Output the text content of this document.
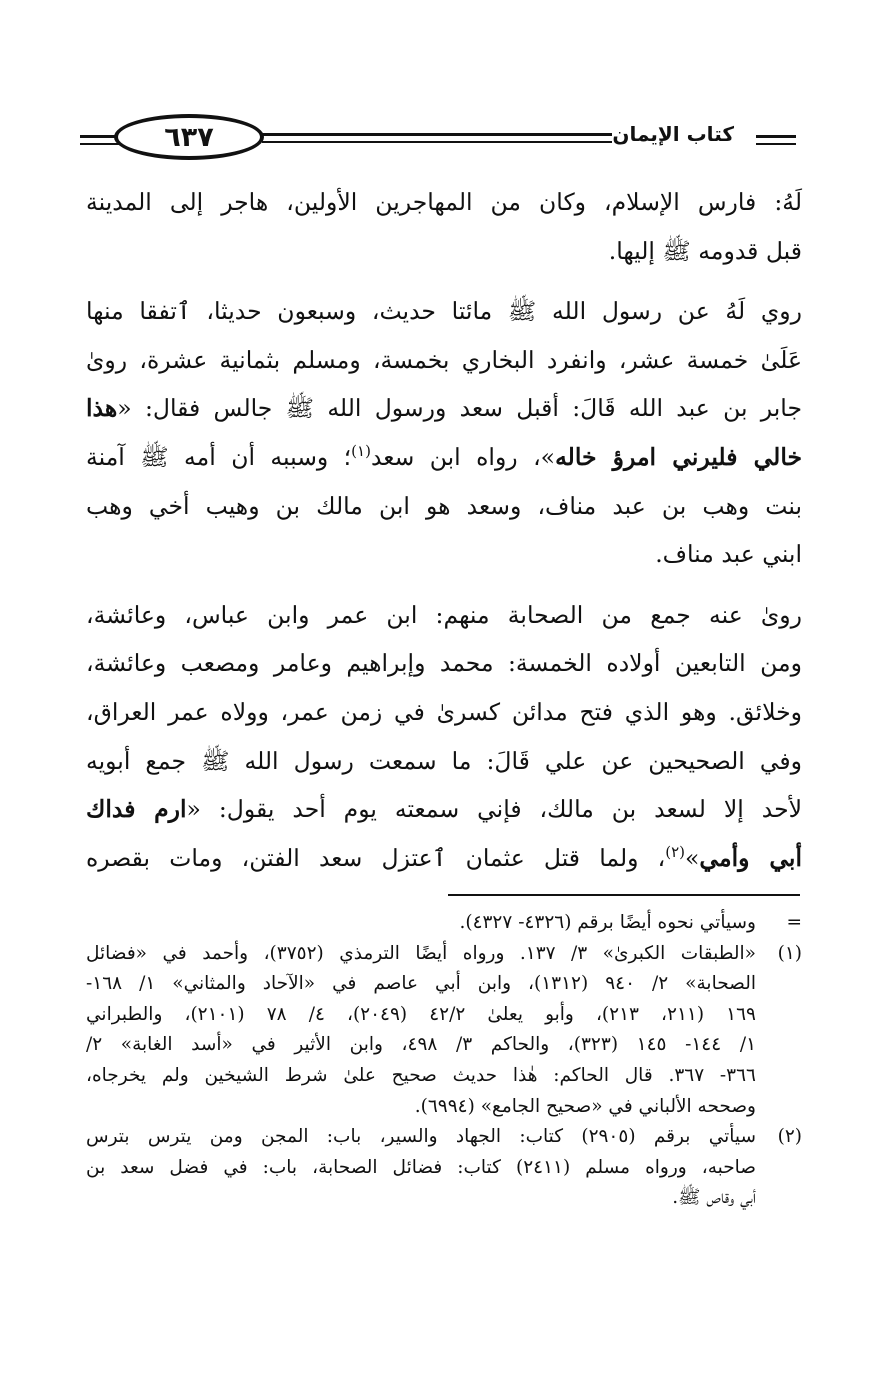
٦٣٧	كتاب الإيمان
لَهُ: فارس الإسلام، وكان من المهاجرين الأولين، هاجر إلى المدينة
قبل قدومه ﷺ إليها.
روي لَهُ عن رسول الله ﷺ مائتا حديث، وسبعون حديثا، ٱتفقا منها
عَلَىٰ خمسة عشر، وانفرد البخاري بخمسة، ومسلم بثمانية عشرة، روىٰ
جابر بن عبد الله قَالَ: أقبل سعد ورسول الله ﷺ جالس فقال: «هذا
خالي فليرني امرؤ خاله»، رواه ابن سعد$^{(١)}$؛ وسببه أن أمه ﷺ آمنة
بنت وهب بن عبد مناف، وسعد هو ابن مالك بن وهيب أخي وهب
ابني عبد مناف.
روىٰ عنه جمع من الصحابة منهم: ابن عمر وابن عباس، وعائشة،
ومن التابعين أولاده الخمسة: محمد وإبراهيم وعامر ومصعب وعائشة،
وخلائق. وهو الذي فتح مدائن كسرىٰ في زمن عمر، وولاه عمر العراق،
وفي الصحيحين عن علي قَالَ: ما سمعت رسول الله ﷺ جمع أبويه
لأحد إلا لسعد بن مالك، فإني سمعته يوم أحد يقول: «ارم فداك
أبي وأمي»$^{(٢)}$، ولما قتل عثمان ٱعتزل سعد الفتن، ومات بقصره
=
وسيأتي نحوه أيضًا برقم (٤٣٢٦- ٤٣٢٧).
(١)
«الطبقات الكبرىٰ» ٣/ ١٣٧. ورواه أيضًا الترمذي (٣٧٥٢)، وأحمد في «فضائل
الصحابة» ٢/ ٩٤٠ (١٣١٢)، وابن أبي عاصم في «الآحاد والمثاني» ١/ ١٦٨-
١٦٩ (٢١١، ٢١٣)، وأبو يعلىٰ ٤٢/٢ (٢٠٤٩)، ٤/ ٧٨ (٢١٠١)، والطبراني
١/ ١٤٤- ١٤٥ (٣٢٣)، والحاكم ٣/ ٤٩٨، وابن الأثير في «أسد الغابة» ٢/
٣٦٦- ٣٦٧. قال الحاكم: هٰذا حديث صحيح علىٰ شرط الشيخين ولم يخرجاه،
وصححه الألباني في «صحيح الجامع» (٦٩٩٤).
(٢)
سيأتي برقم (٢٩٠٥) كتاب: الجهاد والسير، باب: المجن ومن يترس بترس
صاحبه، ورواه مسلم (٢٤١١) كتاب: فضائل الصحابة، باب: في فضل سعد بن
أبي وقاص ﷺ.
